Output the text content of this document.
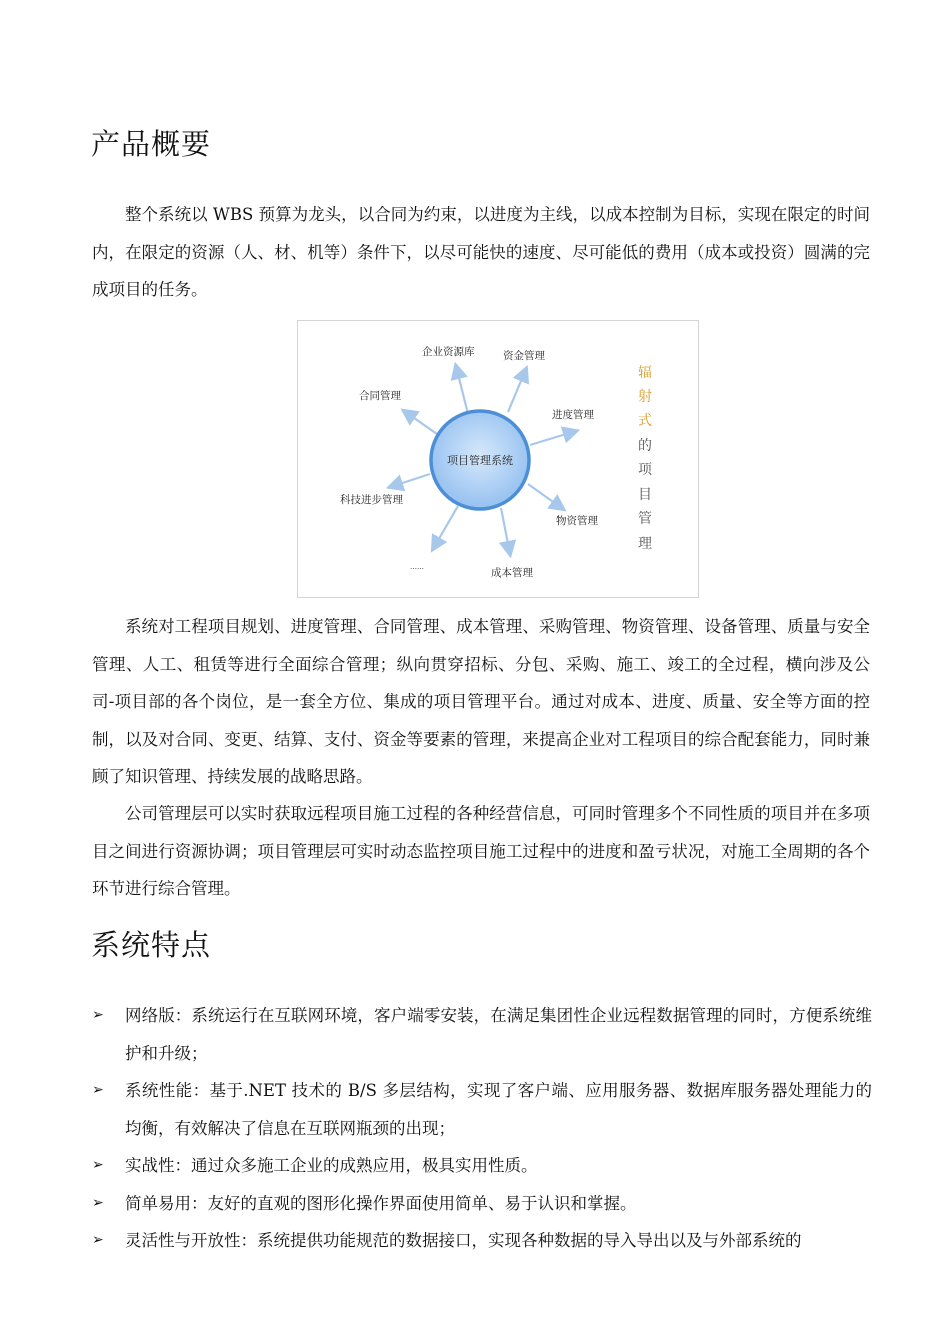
产品概要

整个系统以 WBS 预算为龙头，以合同为约束，以进度为主线，以成本控制为目标，实现在限定的时间内，在限定的资源（人、材、机等）条件下，以尽可能快的速度、尽可能低的费用（成本或投资）圆满的完成项目的任务。

项目管理系统
企业资源库	资金管理
合同管理
进度管理
科技进步管理
物资管理
……	成本管理
辐
射
式
的
项
目
管
理

系统对工程项目规划、进度管理、合同管理、成本管理、采购管理、物资管理、设备管理、质量与安全管理、人工、租赁等进行全面综合管理；纵向贯穿招标、分包、采购、施工、竣工的全过程，横向涉及公司-项目部的各个岗位，是一套全方位、集成的项目管理平台。通过对成本、进度、质量、安全等方面的控制，以及对合同、变更、结算、支付、资金等要素的管理，来提高企业对工程项目的综合配套能力，同时兼顾了知识管理、持续发展的战略思路。

公司管理层可以实时获取远程项目施工过程的各种经营信息，可同时管理多个不同性质的项目并在多项目之间进行资源协调；项目管理层可实时动态监控项目施工过程中的进度和盈亏状况，对施工全周期的各个环节进行综合管理。

系统特点
➢ 网络版：系统运行在互联网环境，客户端零安装，在满足集团性企业远程数据管理的同时，方便系统维护和升级；
➢ 系统性能：基于.NET 技术的 B/S 多层结构，实现了客户端、应用服务器、数据库服务器处理能力的均衡，有效解决了信息在互联网瓶颈的出现；
➢ 实战性：通过众多施工企业的成熟应用，极具实用性质。
➢ 简单易用：友好的直观的图形化操作界面使用简单、易于认识和掌握。
➢ 灵活性与开放性：系统提供功能规范的数据接口，实现各种数据的导入导出以及与外部系统的
